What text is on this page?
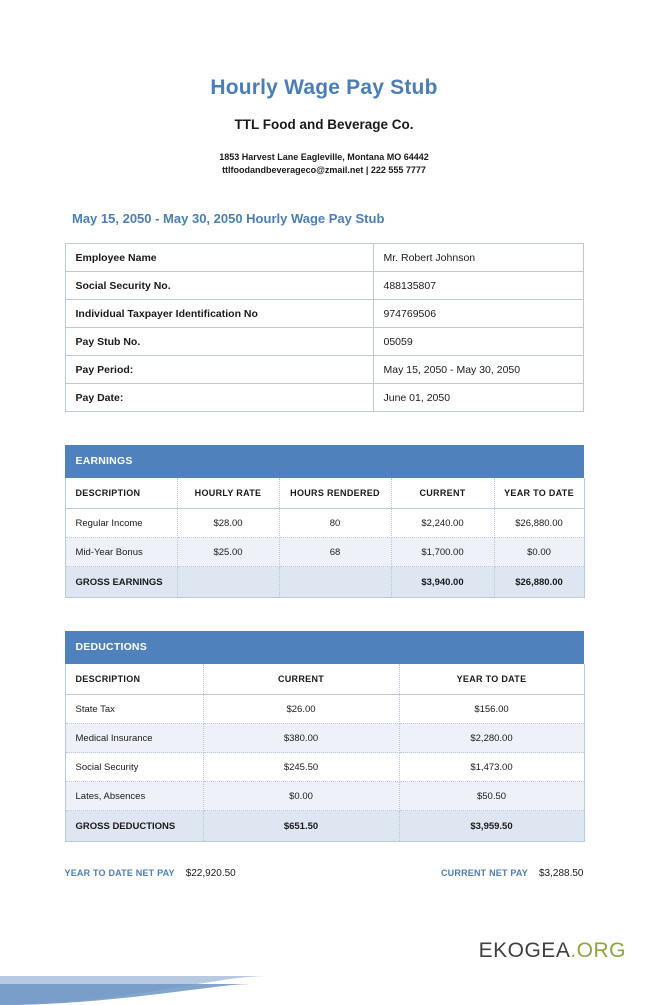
Hourly Wage Pay Stub
TTL Food and Beverage Co.
1853 Harvest Lane Eagleville, Montana MO 64442
ttlfoodandbeverageco@zmail.net | 222 555 7777
May 15, 2050 - May 30, 2050 Hourly Wage Pay Stub
Employee Name	Mr. Robert Johnson
Social Security No.	488135807
Individual Taxpayer Identification No	974769506
Pay Stub No.	05059
Pay Period:	May 15, 2050 - May 30, 2050
Pay Date:	June 01, 2050
EARNINGS
DESCRIPTION	HOURLY RATE	HOURS RENDERED	CURRENT	YEAR TO DATE
Regular Income	$28.00	80	$2,240.00	$26,880.00
Mid-Year Bonus	$25.00	68	$1,700.00	$0.00
GROSS EARNINGS			$3,940.00	$26,880.00
DEDUCTIONS
DESCRIPTION	CURRENT	YEAR TO DATE
State Tax	$26.00	$156.00
Medical Insurance	$380.00	$2,280.00
Social Security	$245.50	$1,473.00
Lates, Absences	$0.00	$50.50
GROSS DEDUCTIONS	$651.50	$3,959.50
YEAR TO DATE NET PAY $22,920.50	CURRENT NET PAY $3,288.50
EKOGEA.ORG
